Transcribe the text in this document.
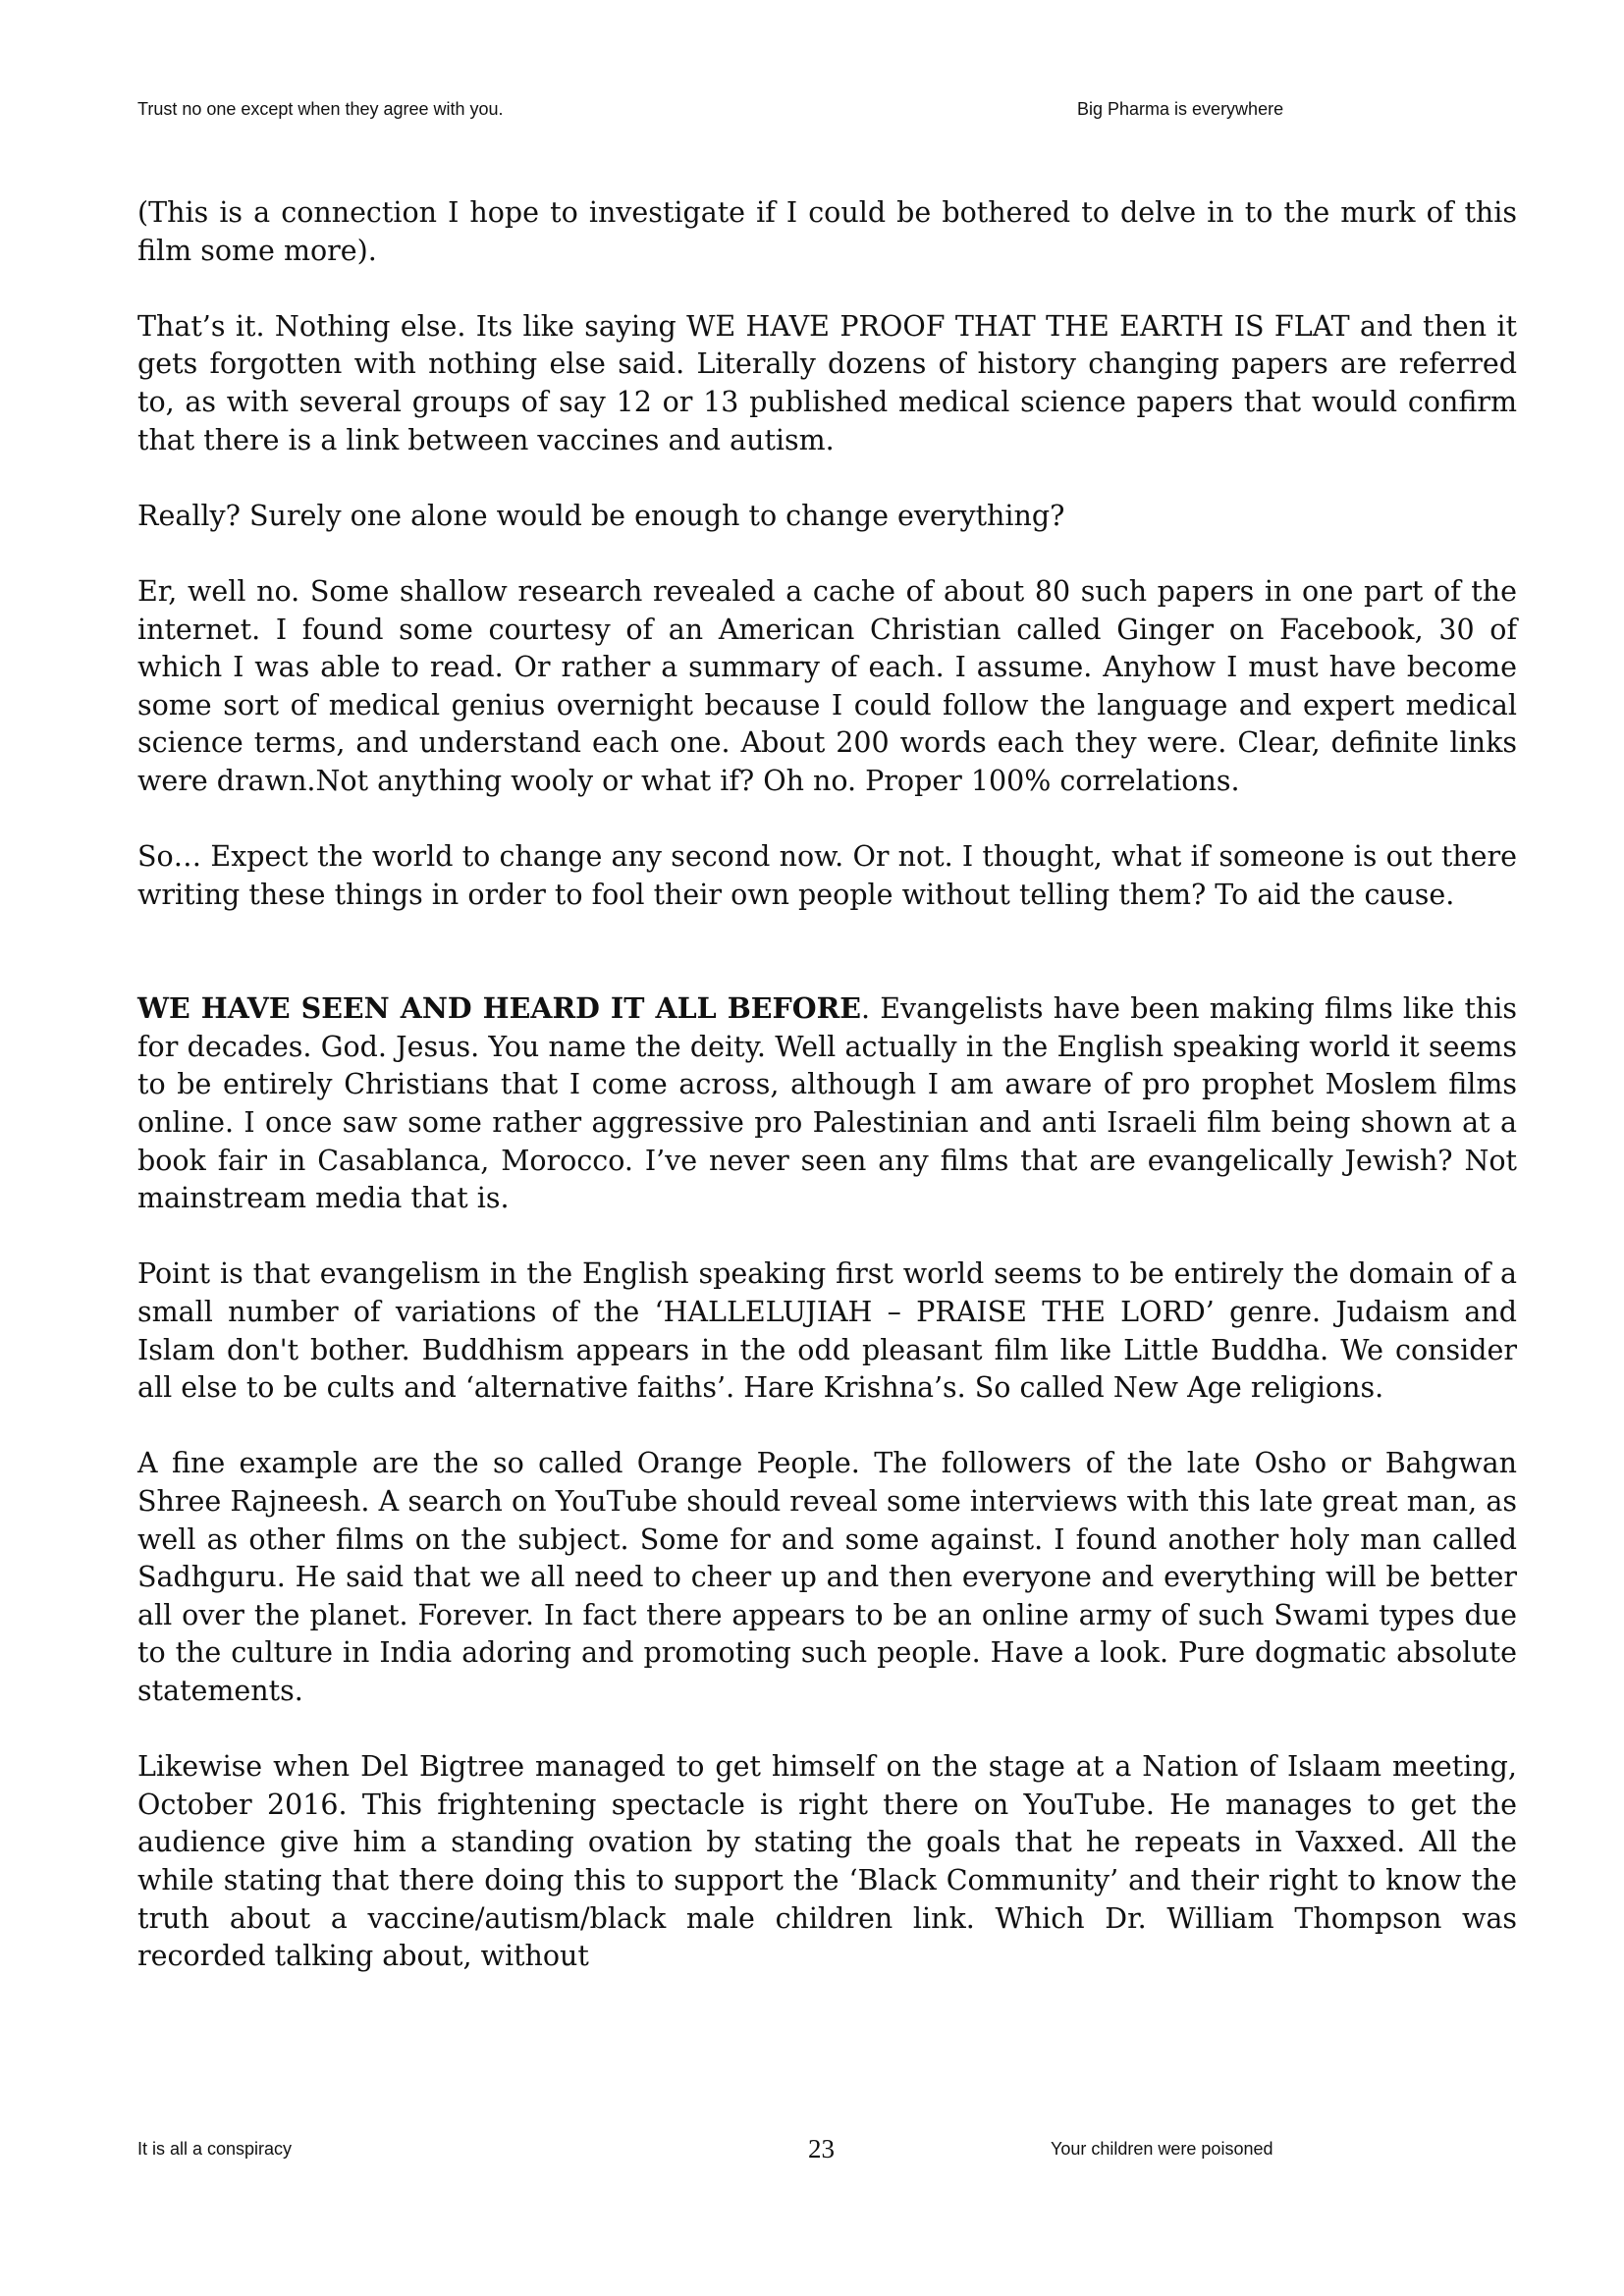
Trust no one except when they agree with you.	Big Pharma is everywhere

(This is a connection I hope to investigate if I could be bothered to delve in to the murk of this film some more).

That’s it. Nothing else. Its like saying WE HAVE PROOF THAT THE EARTH IS FLAT and then it gets forgotten with nothing else said. Literally dozens of history changing papers are referred to, as with several groups of say 12 or 13 published medical science papers that would confirm that there is a link between vaccines and autism.

Really? Surely one alone would be enough to change everything?

Er, well no. Some shallow research revealed a cache of about 80 such papers in one part of the internet. I found some courtesy of an American Christian called Ginger on Facebook, 30 of which I was able to read. Or rather a summary of each. I assume. Anyhow I must have become some sort of medical genius overnight because I could follow the language and expert medical science terms, and understand each one. About 200 words each they were. Clear, definite links were drawn.Not anything wooly or what if? Oh no. Proper 100% correlations.

So… Expect the world to change any second now. Or not. I thought, what if someone is out there writing these things in order to fool their own people without telling them? To aid the cause.

WE HAVE SEEN AND HEARD IT ALL BEFORE. Evangelists have been making films like this for decades. God. Jesus. You name the deity. Well actually in the English speaking world it seems to be entirely Christians that I come across, although I am aware of pro prophet Moslem films online. I once saw some rather aggressive pro Palestinian and anti Israeli film being shown at a book fair in Casablanca, Morocco. I’ve never seen any films that are evangelically Jewish? Not mainstream media that is.

Point is that evangelism in the English speaking first world seems to be entirely the domain of a small number of variations of the ‘HALLELUJIAH – PRAISE THE LORD’ genre. Judaism and Islam don't bother. Buddhism appears in the odd pleasant film like Little Buddha. We consider all else to be cults and ‘alternative faiths’. Hare Krishna’s. So called New Age religions.

A fine example are the so called Orange People. The followers of the late Osho or Bahgwan Shree Rajneesh. A search on YouTube should reveal some interviews with this late great man, as well as other films on the subject. Some for and some against. I found another holy man called Sadhguru. He said that we all need to cheer up and then everyone and everything will be better all over the planet. Forever. In fact there appears to be an online army of such Swami types due to the culture in India adoring and promoting such people. Have a look. Pure dogmatic absolute statements.

Likewise when Del Bigtree managed to get himself on the stage at a Nation of Islaam meeting, October 2016. This frightening spectacle is right there on YouTube. He manages to get the audience give him a standing ovation by stating the goals that he repeats in Vaxxed. All the while stating that there doing this to support the ‘Black Community’ and their right to know the truth about a vaccine/autism/black male children link. Which Dr. William Thompson was recorded talking about, without

It is all a conspiracy	23	Your children were poisoned
